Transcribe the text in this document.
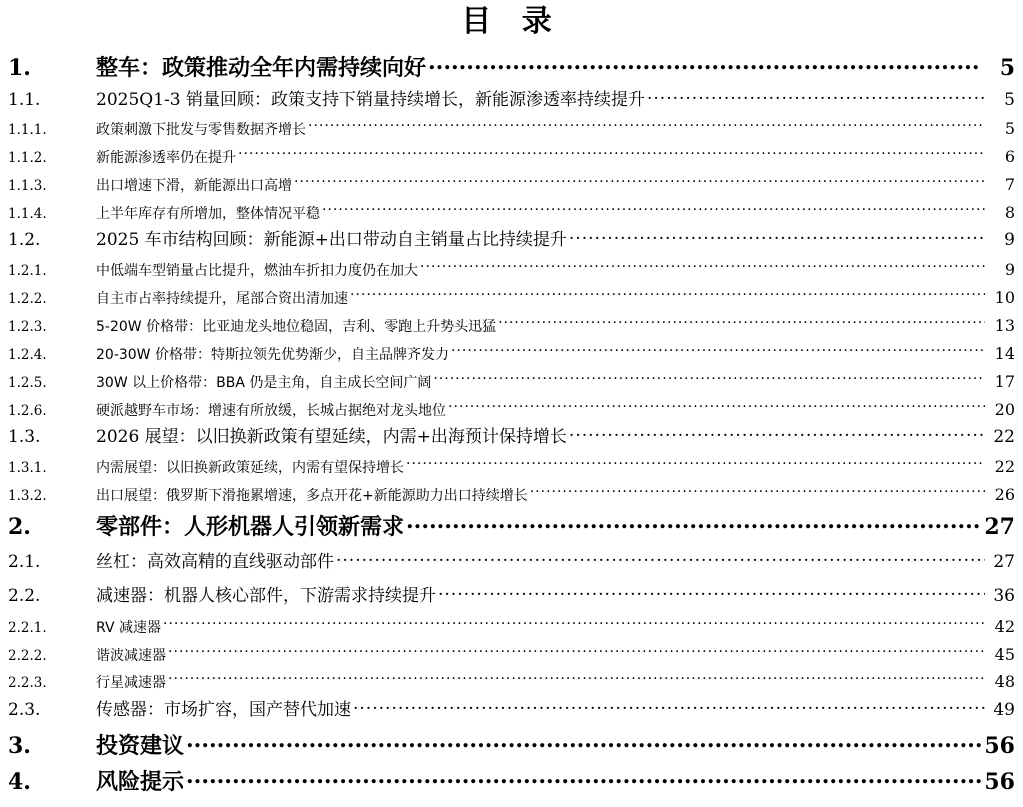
目 录
1.	整车：政策推动全年内需持续向好 .....	5
1.1.	2025Q1-3 销量回顾：政策支持下销量持续增长，新能源渗透率持续提升 .....	5
1.1.1.	政策刺激下批发与零售数据齐增长 .....	5
1.1.2.	新能源渗透率仍在提升 .....	6
1.1.3.	出口增速下滑，新能源出口高增 .....	7
1.1.4.	上半年库存有所增加，整体情况平稳 .....	8
1.2.	2025 车市结构回顾：新能源+出口带动自主销量占比持续提升 .....	9
1.2.1.	中低端车型销量占比提升，燃油车折扣力度仍在加大 .....	9
1.2.2.	自主市占率持续提升，尾部合资出清加速 .....	10
1.2.3.	5-20W 价格带：比亚迪龙头地位稳固，吉利、零跑上升势头迅猛 .....	13
1.2.4.	20-30W 价格带：特斯拉领先优势渐少，自主品牌齐发力 .....	14
1.2.5.	30W 以上价格带：BBA 仍是主角，自主成长空间广阔 .....	17
1.2.6.	硬派越野车市场：增速有所放缓，长城占据绝对龙头地位 .....	20
1.3.	2026 展望：以旧换新政策有望延续，内需+出海预计保持增长 .....	22
1.3.1.	内需展望：以旧换新政策延续，内需有望保持增长 .....	22
1.3.2.	出口展望：俄罗斯下滑拖累增速，多点开花+新能源助力出口持续增长 .....	26
2.	零部件：人形机器人引领新需求 .....	27
2.1.	丝杠：高效高精的直线驱动部件 .....	27
2.2.	减速器：机器人核心部件，下游需求持续提升 .....	36
2.2.1.	RV 减速器 .....	42
2.2.2.	谐波减速器 .....	45
2.2.3.	行星减速器 .....	48
2.3.	传感器：市场扩容，国产替代加速 .....	49
3.	投资建议 .....	56
4.	风险提示 .....	56
